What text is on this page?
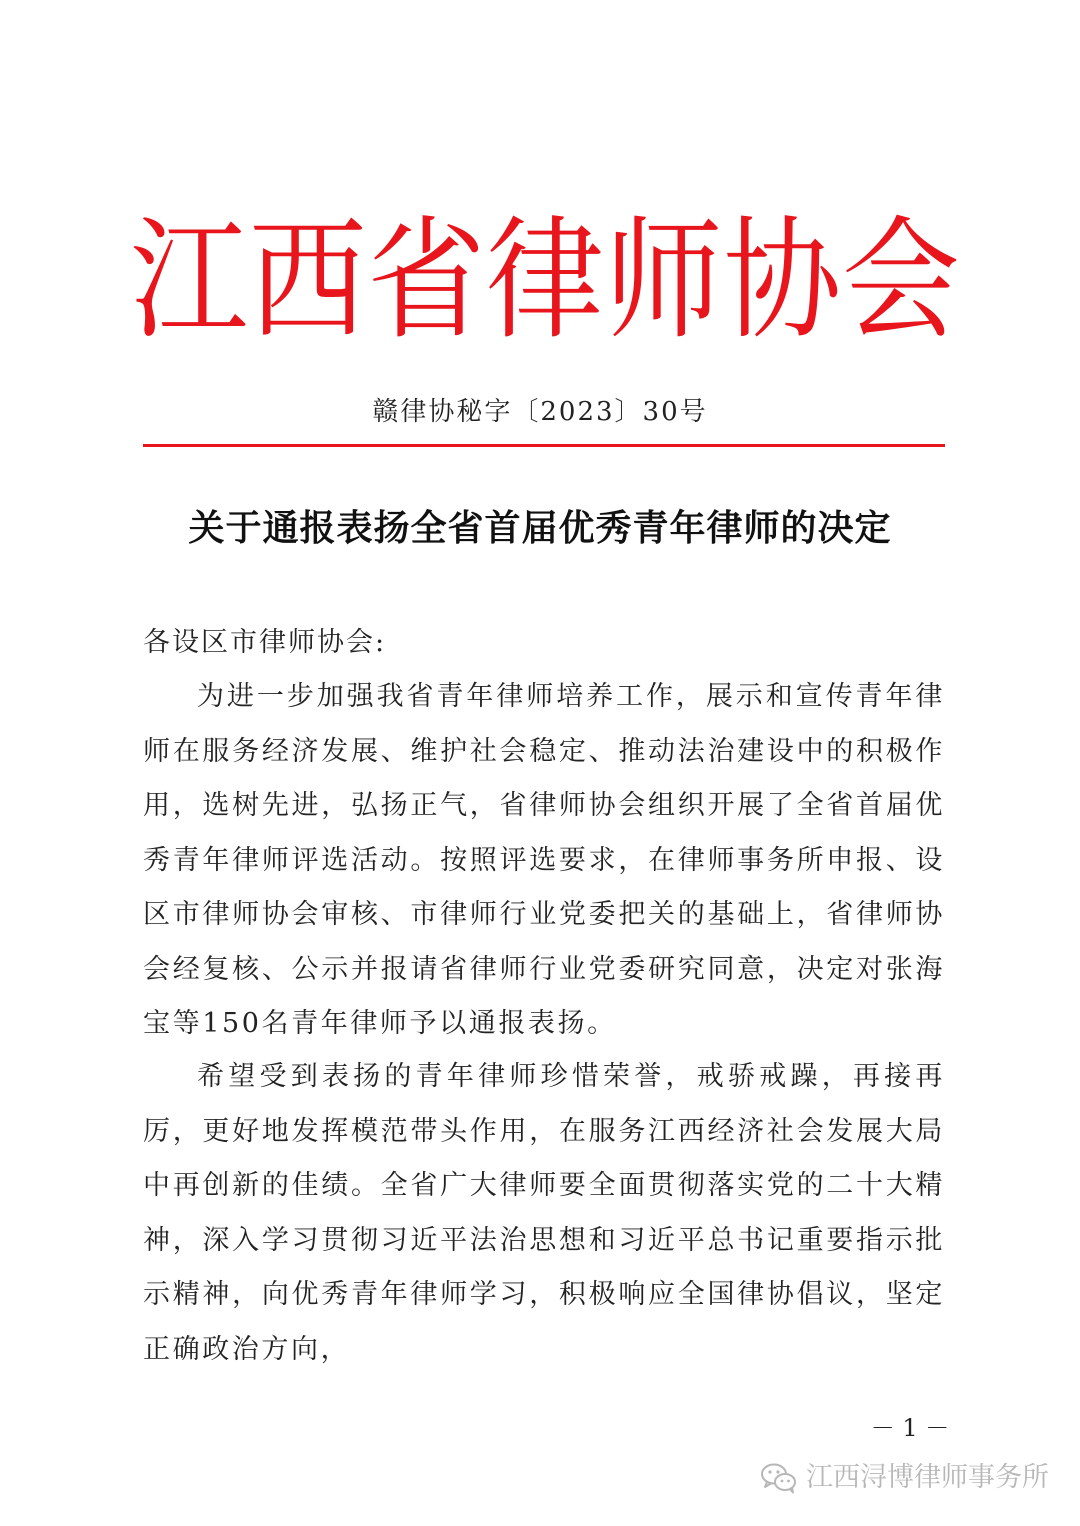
江 西 省 律 师 协 会
赣律协秘字〔2023〕30号
关于通报表扬全省首届优秀青年律师的决定

各设区市律师协会:

为进一步加强我省青年律师培养工作，展示和宣传青年律师在服务经济发展、维护社会稳定、推动法治建设中的积极作用，选树先进，弘扬正气，省律师协会组织开展了全省首届优秀青年律师评选活动。按照评选要求，在律师事务所申报、设区市律师协会审核、市律师行业党委把关的基础上，省律师协会经复核、公示并报请省律师行业党委研究同意，决定对张海宝等150名青年律师予以通报表扬。

希望受到表扬的青年律师珍惜荣誉，戒骄戒躁，再接再厉，更好地发挥模范带头作用，在服务江西经济社会发展大局中再创新的佳绩。全省广大律师要全面贯彻落实党的二十大精神，深入学习贯彻习近平法治思想和习近平总书记重要指示批示精神，向优秀青年律师学习，积极响应全国律协倡议，坚定正确政治方向，

－ 1 －
江西浔博律师事务所
